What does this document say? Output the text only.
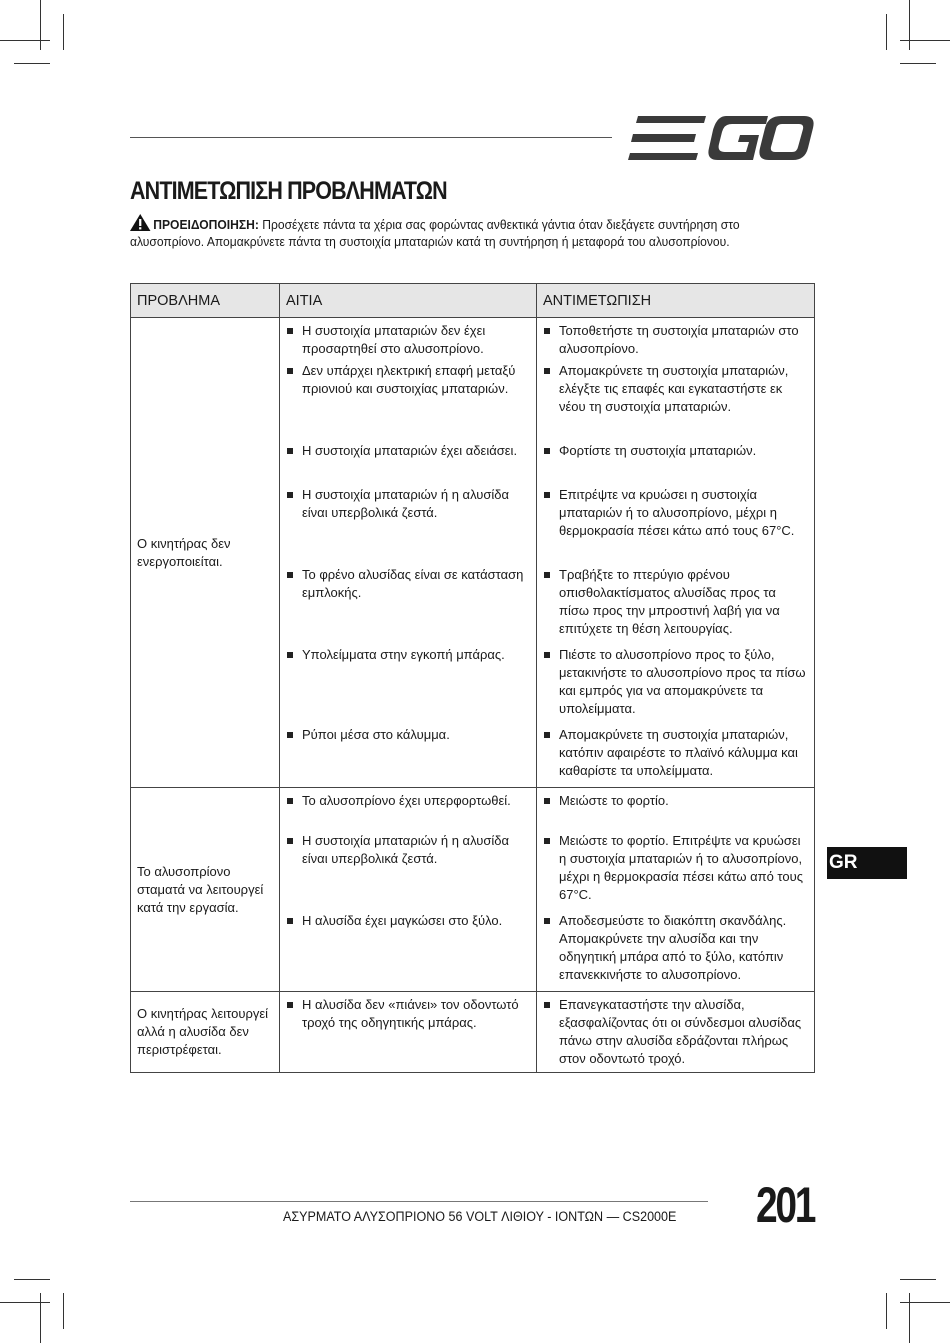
ΑΝΤΙΜΕΤΩΠΙΣΗ ΠΡΟΒΛΗΜΑΤΩΝ
ΠΡΟΕΙΔΟΠΟΙΗΣΗ: Προσέχετε πάντα τα χέρια σας φορώντας ανθεκτικά γάντια όταν διεξάγετε συντήρηση στο αλυσοπρίονο. Απομακρύνετε πάντα τη συστοιχία μπαταριών κατά τη συντήρηση ή μεταφορά του αλυσοπρίονου.
ΠΡΟΒΛΗΜΑ	ΑΙΤΙΑ	ΑΝΤΙΜΕΤΩΠΙΣΗ
Ο κινητήρας δεν ενεργοποιείται.	Η συστοιχία μπαταριών δεν έχει προσαρτηθεί στο αλυσοπρίονο.	Τοποθετήστε τη συστοιχία μπαταριών στο αλυσοπρίονο.

	Δεν υπάρχει ηλεκτρική επαφή μεταξύ πριονιού και συστοιχίας μπαταριών.	Απομακρύνετε τη συστοιχία μπαταριών, ελέγξτε τις επαφές και εγκαταστήστε εκ νέου τη συστοιχία μπαταριών.

	Η συστοιχία μπαταριών έχει αδειάσει.	Φορτίστε τη συστοιχία μπαταριών.

	Η συστοιχία μπαταριών ή η αλυσίδα είναι υπερβολικά ζεστά.	Επιτρέψτε να κρυώσει η συστοιχία μπαταριών ή το αλυσοπρίονο, μέχρι η θερμοκρασία πέσει κάτω από τους 67°C.

	Το φρένο αλυσίδας είναι σε κατάσταση εμπλοκής.	Τραβήξτε το πτερύγιο φρένου οπισθολακτίσματος αλυσίδας προς τα πίσω προς την μπροστινή λαβή για να επιτύχετε τη θέση λειτουργίας.

	Υπολείμματα στην εγκοπή μπάρας.	Πιέστε το αλυσοπρίονο προς το ξύλο, μετακινήστε το αλυσοπρίονο προς τα πίσω και εμπρός για να απομακρύνετε τα υπολείμματα.

	Ρύποι μέσα στο κάλυμμα.	Απομακρύνετε τη συστοιχία μπαταριών, κατόπιν αφαιρέστε το πλαϊνό κάλυμμα και καθαρίστε τα υπολείμματα.

Το αλυσοπρίονο σταματά να λειτουργεί κατά την εργασία.	Το αλυσοπρίονο έχει υπερφορτωθεί.	Μειώστε το φορτίο.

	Η συστοιχία μπαταριών ή η αλυσίδα είναι υπερβολικά ζεστά.	Μειώστε το φορτίο. Επιτρέψτε να κρυώσει η συστοιχία μπαταριών ή το αλυσοπρίονο, μέχρι η θερμοκρασία πέσει κάτω από τους 67°C.

	Η αλυσίδα έχει μαγκώσει στο ξύλο.	Αποδεσμεύστε το διακόπτη σκανδάλης. Απομακρύνετε την αλυσίδα και την οδηγητική μπάρα από το ξύλο, κατόπιν επανεκκινήστε το αλυσοπρίονο.

Ο κινητήρας λειτουργεί αλλά η αλυσίδα δεν περιστρέφεται.	Η αλυσίδα δεν «πιάνει» τον οδοντωτό τροχό της οδηγητικής μπάρας.	Επανεγκαταστήστε την αλυσίδα, εξασφαλίζοντας ότι οι σύνδεσμοι αλυσίδας πάνω στην αλυσίδα εδράζονται πλήρως στον οδοντωτό τροχό.
GR
ΑΣΥΡΜΑΤΟ ΑΛΥΣΟΠΡΙΟΝΟ 56 VOLT ΛΙΘΙΟΥ - ΙΟΝΤΩΝ — CS2000E 201
